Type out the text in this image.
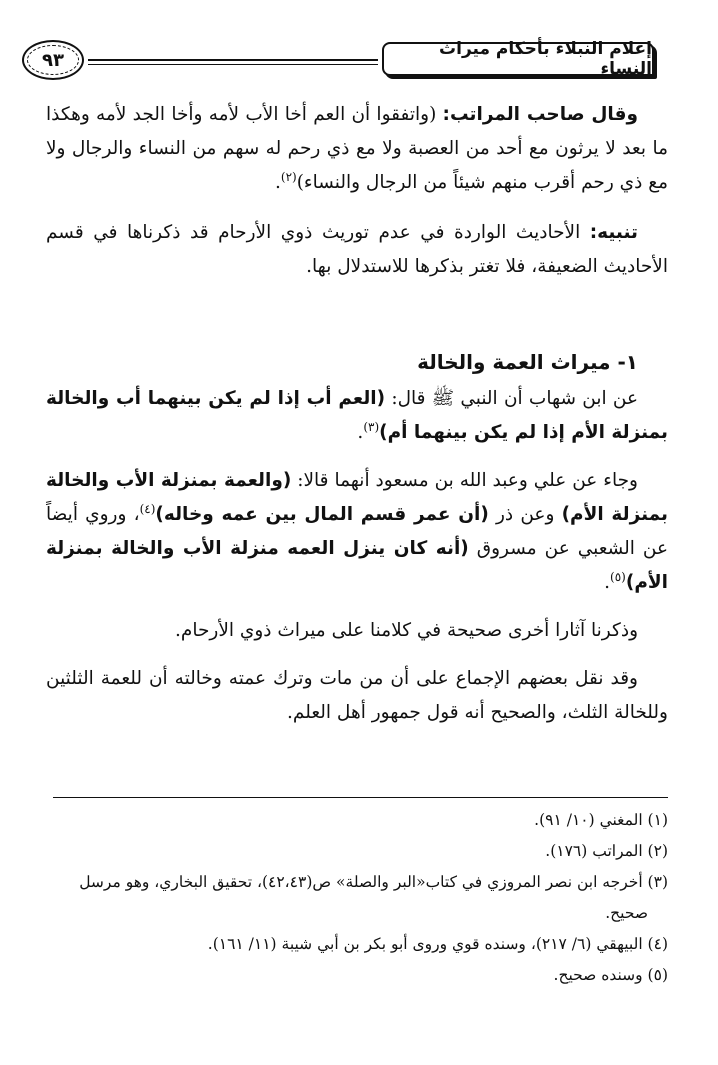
٩٣
إعلام النبلاء بأحكام ميراث النساء

وقال صاحب المراتب: (واتفقوا أن العم أخا الأب لأمه وأخا الجد لأمه وهكذا ما بعد لا يرثون مع أحد من العصبة ولا مع ذي رحم له سهم من النساء والرجال ولا مع ذي رحم أقرب منهم شيئاً من الرجال والنساء)$^{(٢)}$.

تنبيه: الأحاديث الواردة في عدم توريث ذوي الأرحام قد ذكرناها في قسم الأحاديث الضعيفة، فلا تغتر بذكرها للاستدلال بها.

١- ميراث العمة والخالة

عن ابن شهاب أن النبي ﷺ قال: (العم أب إذا لم يكن بينهما أب والخالة بمنزلة الأم إذا لم يكن بينهما أم)$^{(٣)}$.

وجاء عن علي وعبد الله بن مسعود أنهما قالا: (والعمة بمنزلة الأب والخالة بمنزلة الأم) وعن ذر (أن عمر قسم المال بين عمه وخاله)$^{(٤)}$، وروي أيضاً عن الشعبي عن مسروق (أنه كان ينزل العمه منزلة الأب والخالة بمنزلة الأم)$^{(٥)}$.

وذكرنا آثارا أخرى صحيحة في كلامنا على ميراث ذوي الأرحام.

وقد نقل بعضهم الإجماع على أن من مات وترك عمته وخالته أن للعمة الثلثين وللخالة الثلث، والصحيح أنه قول جمهور أهل العلم.

(١) المغني (١٠/ ٩١).

(٢) المراتب (١٧٦).

(٣) أخرجه ابن نصر المروزي في كتاب«البر والصلة» ص(٤٢،٤٣)، تحقيق البخاري، وهو مرسل

صحيح.

(٤) البيهقي (٦/ ٢١٧)، وسنده قوي وروى أبو بكر بن أبي شيبة (١١/ ١٦١).

(٥) وسنده صحيح.
